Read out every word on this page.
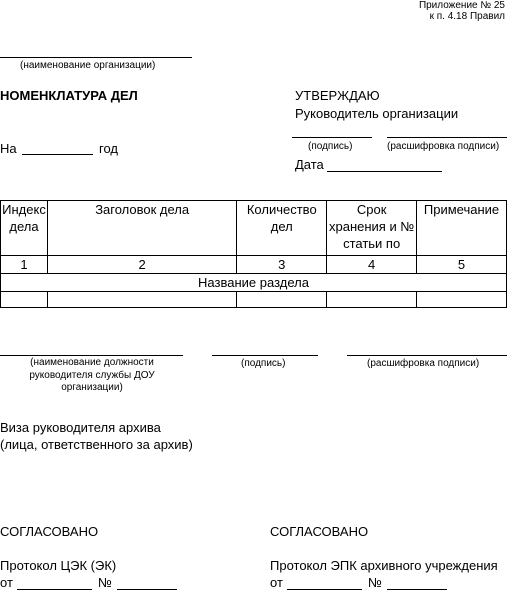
Приложение № 25
к п. 4.18 Правил
(наименование организации)
НОМЕНКЛАТУРА ДЕЛ
На	год
УТВЕРЖДАЮ
Руководитель организации
(подпись)	(расшифровка подписи)
Дата
Индекс дела	Заголовок дела	Количество дел	Срок хранения и № статьи по	Примечание
1	2	3	4	5
Название раздела				

(наименование должности руководителя службы ДОУ организации)
(подпись)	(расшифровка подписи)
Виза руководителя архива
(лица, ответственного за архив)
СОГЛАСОВАНО
Протокол ЦЭК (ЭК)
от	№
СОГЛАСОВАНО
Протокол ЭПК архивного учреждения
от	№
